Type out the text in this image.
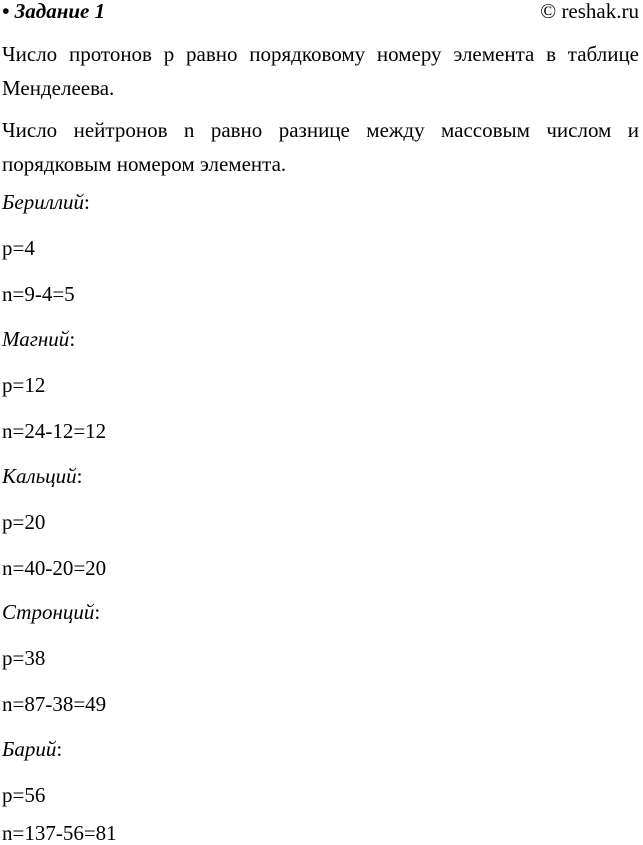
• Задание 1	© reshak.ru

Число протонов p равно порядковому номеру элемента в таблице Менделеева.

Число нейтронов n равно разнице между массовым числом и порядковым номером элемента.

Бериллий:

p=4

n=9-4=5

Магний:

p=12

n=24-12=12

Кальций:

p=20

n=40-20=20

Стронций:

p=38

n=87-38=49

Барий:

p=56

n=137-56=81
